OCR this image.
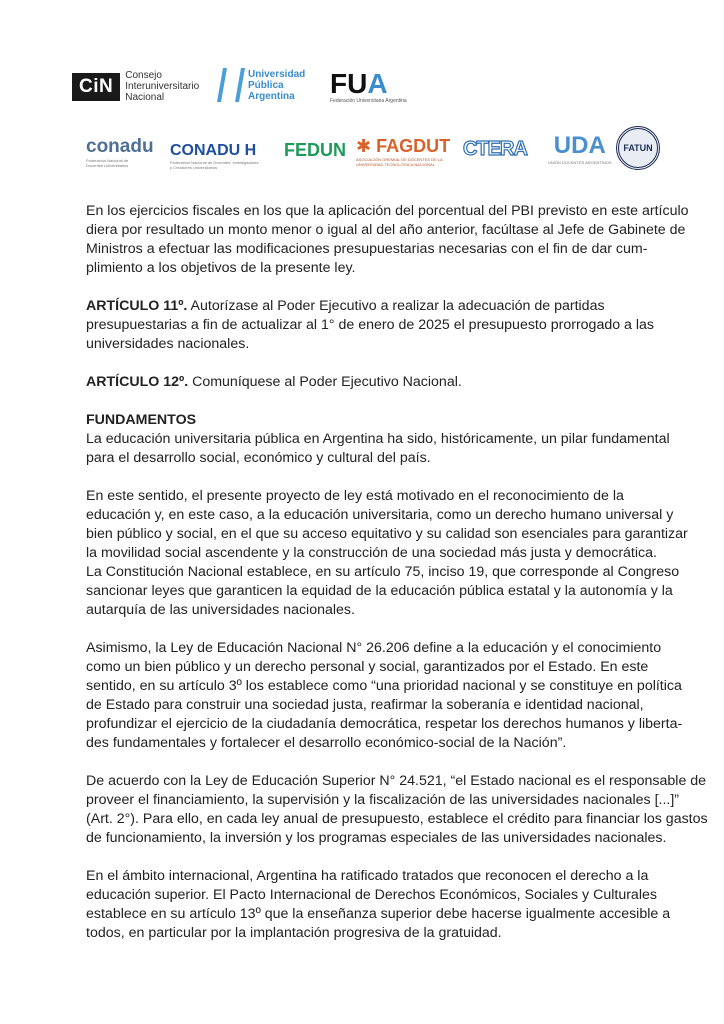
CiN	Consejo
Interuniversitario
Nacional
Universidad
Pública
Argentina	FUA
Federación Universitaria Argentina
conadu
Federación Nacional de Docentes Universitarios
CONADU H
Federación Nacional de Docentes, Investigadores y Creadores Universitarios
FEDUN ✱ FAGDUT
ASOCIACIÓN GREMIAL DE DOCENTES DE LA UNIVERSIDAD TECNOLÓGICA NACIONAL
CTERA UDA
UNIÓN DOCENTES ARGENTINOS
FATUN
En los ejercicios fiscales en los que la aplicación del porcentual del PBI previsto en este artículo
diera por resultado un monto menor o igual al del año anterior, facúltase al Jefe de Gabinete de
Ministros a efectuar las modificaciones presupuestarias necesarias con el fin de dar cum-
plimiento a los objetivos de la presente ley.
ARTÍCULO 11º. Autorízase al Poder Ejecutivo a realizar la adecuación de partidas
presupuestarias a fin de actualizar al 1° de enero de 2025 el presupuesto prorrogado a las
universidades nacionales.
ARTÍCULO 12º. Comuníquese al Poder Ejecutivo Nacional.
FUNDAMENTOS
La educación universitaria pública en Argentina ha sido, históricamente, un pilar fundamental
para el desarrollo social, económico y cultural del país.
En este sentido, el presente proyecto de ley está motivado en el reconocimiento de la
educación y, en este caso, a la educación universitaria, como un derecho humano universal y
bien público y social, en el que su acceso equitativo y su calidad son esenciales para garantizar
la movilidad social ascendente y la construcción de una sociedad más justa y democrática.
La Constitución Nacional establece, en su artículo 75, inciso 19, que corresponde al Congreso
sancionar leyes que garanticen la equidad de la educación pública estatal y la autonomía y la
autarquía de las universidades nacionales.
Asimismo, la Ley de Educación Nacional N° 26.206 define a la educación y el conocimiento
como un bien público y un derecho personal y social, garantizados por el Estado. En este
sentido, en su artículo 3º los establece como “una prioridad nacional y se constituye en política
de Estado para construir una sociedad justa, reafirmar la soberanía e identidad nacional,
profundizar el ejercicio de la ciudadanía democrática, respetar los derechos humanos y liberta-
des fundamentales y fortalecer el desarrollo económico-social de la Nación”.
De acuerdo con la Ley de Educación Superior N° 24.521, “el Estado nacional es el responsable de
proveer el financiamiento, la supervisión y la fiscalización de las universidades nacionales [...]”
(Art. 2°). Para ello, en cada ley anual de presupuesto, establece el crédito para financiar los gastos
de funcionamiento, la inversión y los programas especiales de las universidades nacionales.
En el ámbito internacional, Argentina ha ratificado tratados que reconocen el derecho a la
educación superior. El Pacto Internacional de Derechos Económicos, Sociales y Culturales
establece en su artículo 13º que la enseñanza superior debe hacerse igualmente accesible a
todos, en particular por la implantación progresiva de la gratuidad.
